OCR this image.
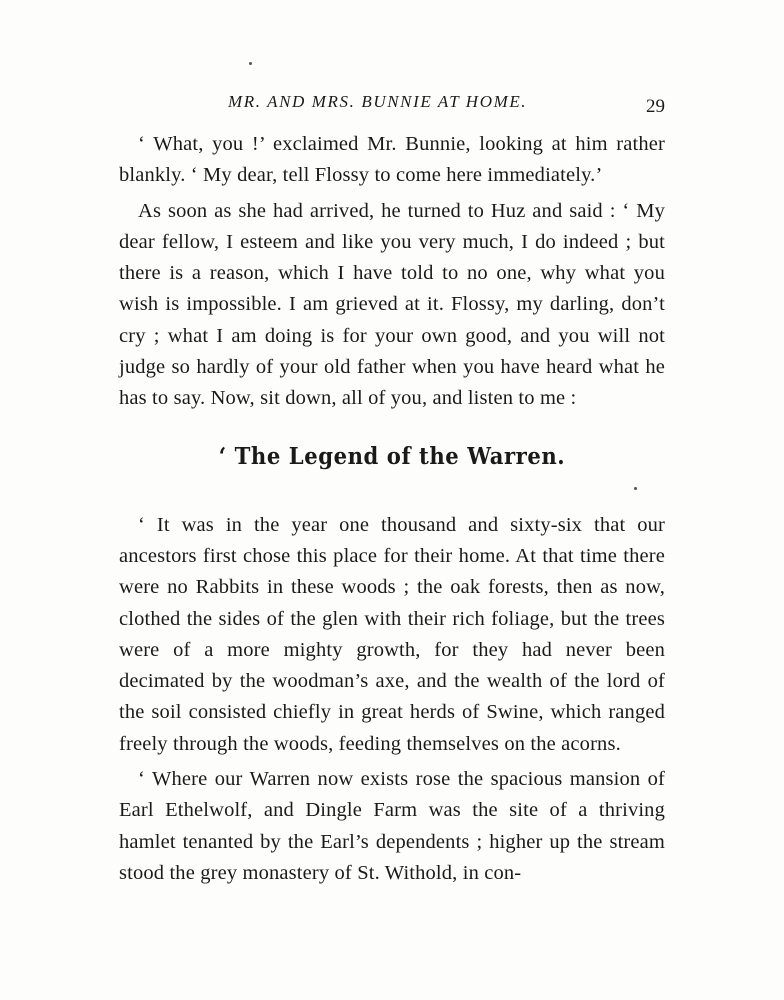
MR. AND MRS. BUNNIE AT HOME.	29

‘ What, you !’ exclaimed Mr. Bunnie, looking at him rather blankly. ‘ My dear, tell Flossy to come here immediately.’

As soon as she had arrived, he turned to Huz and said : ‘ My dear fellow, I esteem and like you very much, I do indeed ; but there is a reason, which I have told to no one, why what you wish is impossible. I am grieved at it. Flossy, my darling, don’t cry ; what I am doing is for your own good, and you will not judge so hardly of your old father when you have heard what he has to say. Now, sit down, all of you, and listen to me :

‘ The Legend of the Warren.

‘ It was in the year one thousand and sixty-six that our ancestors first chose this place for their home. At that time there were no Rabbits in these woods ; the oak forests, then as now, clothed the sides of the glen with their rich foliage, but the trees were of a more mighty growth, for they had never been decimated by the woodman’s axe, and the wealth of the lord of the soil consisted chiefly in great herds of Swine, which ranged freely through the woods, feeding themselves on the acorns.

‘ Where our Warren now exists rose the spacious mansion of Earl Ethelwolf, and Dingle Farm was the site of a thriving hamlet tenanted by the Earl’s dependents ; higher up the stream stood the grey monastery of St. Withold, in con-
